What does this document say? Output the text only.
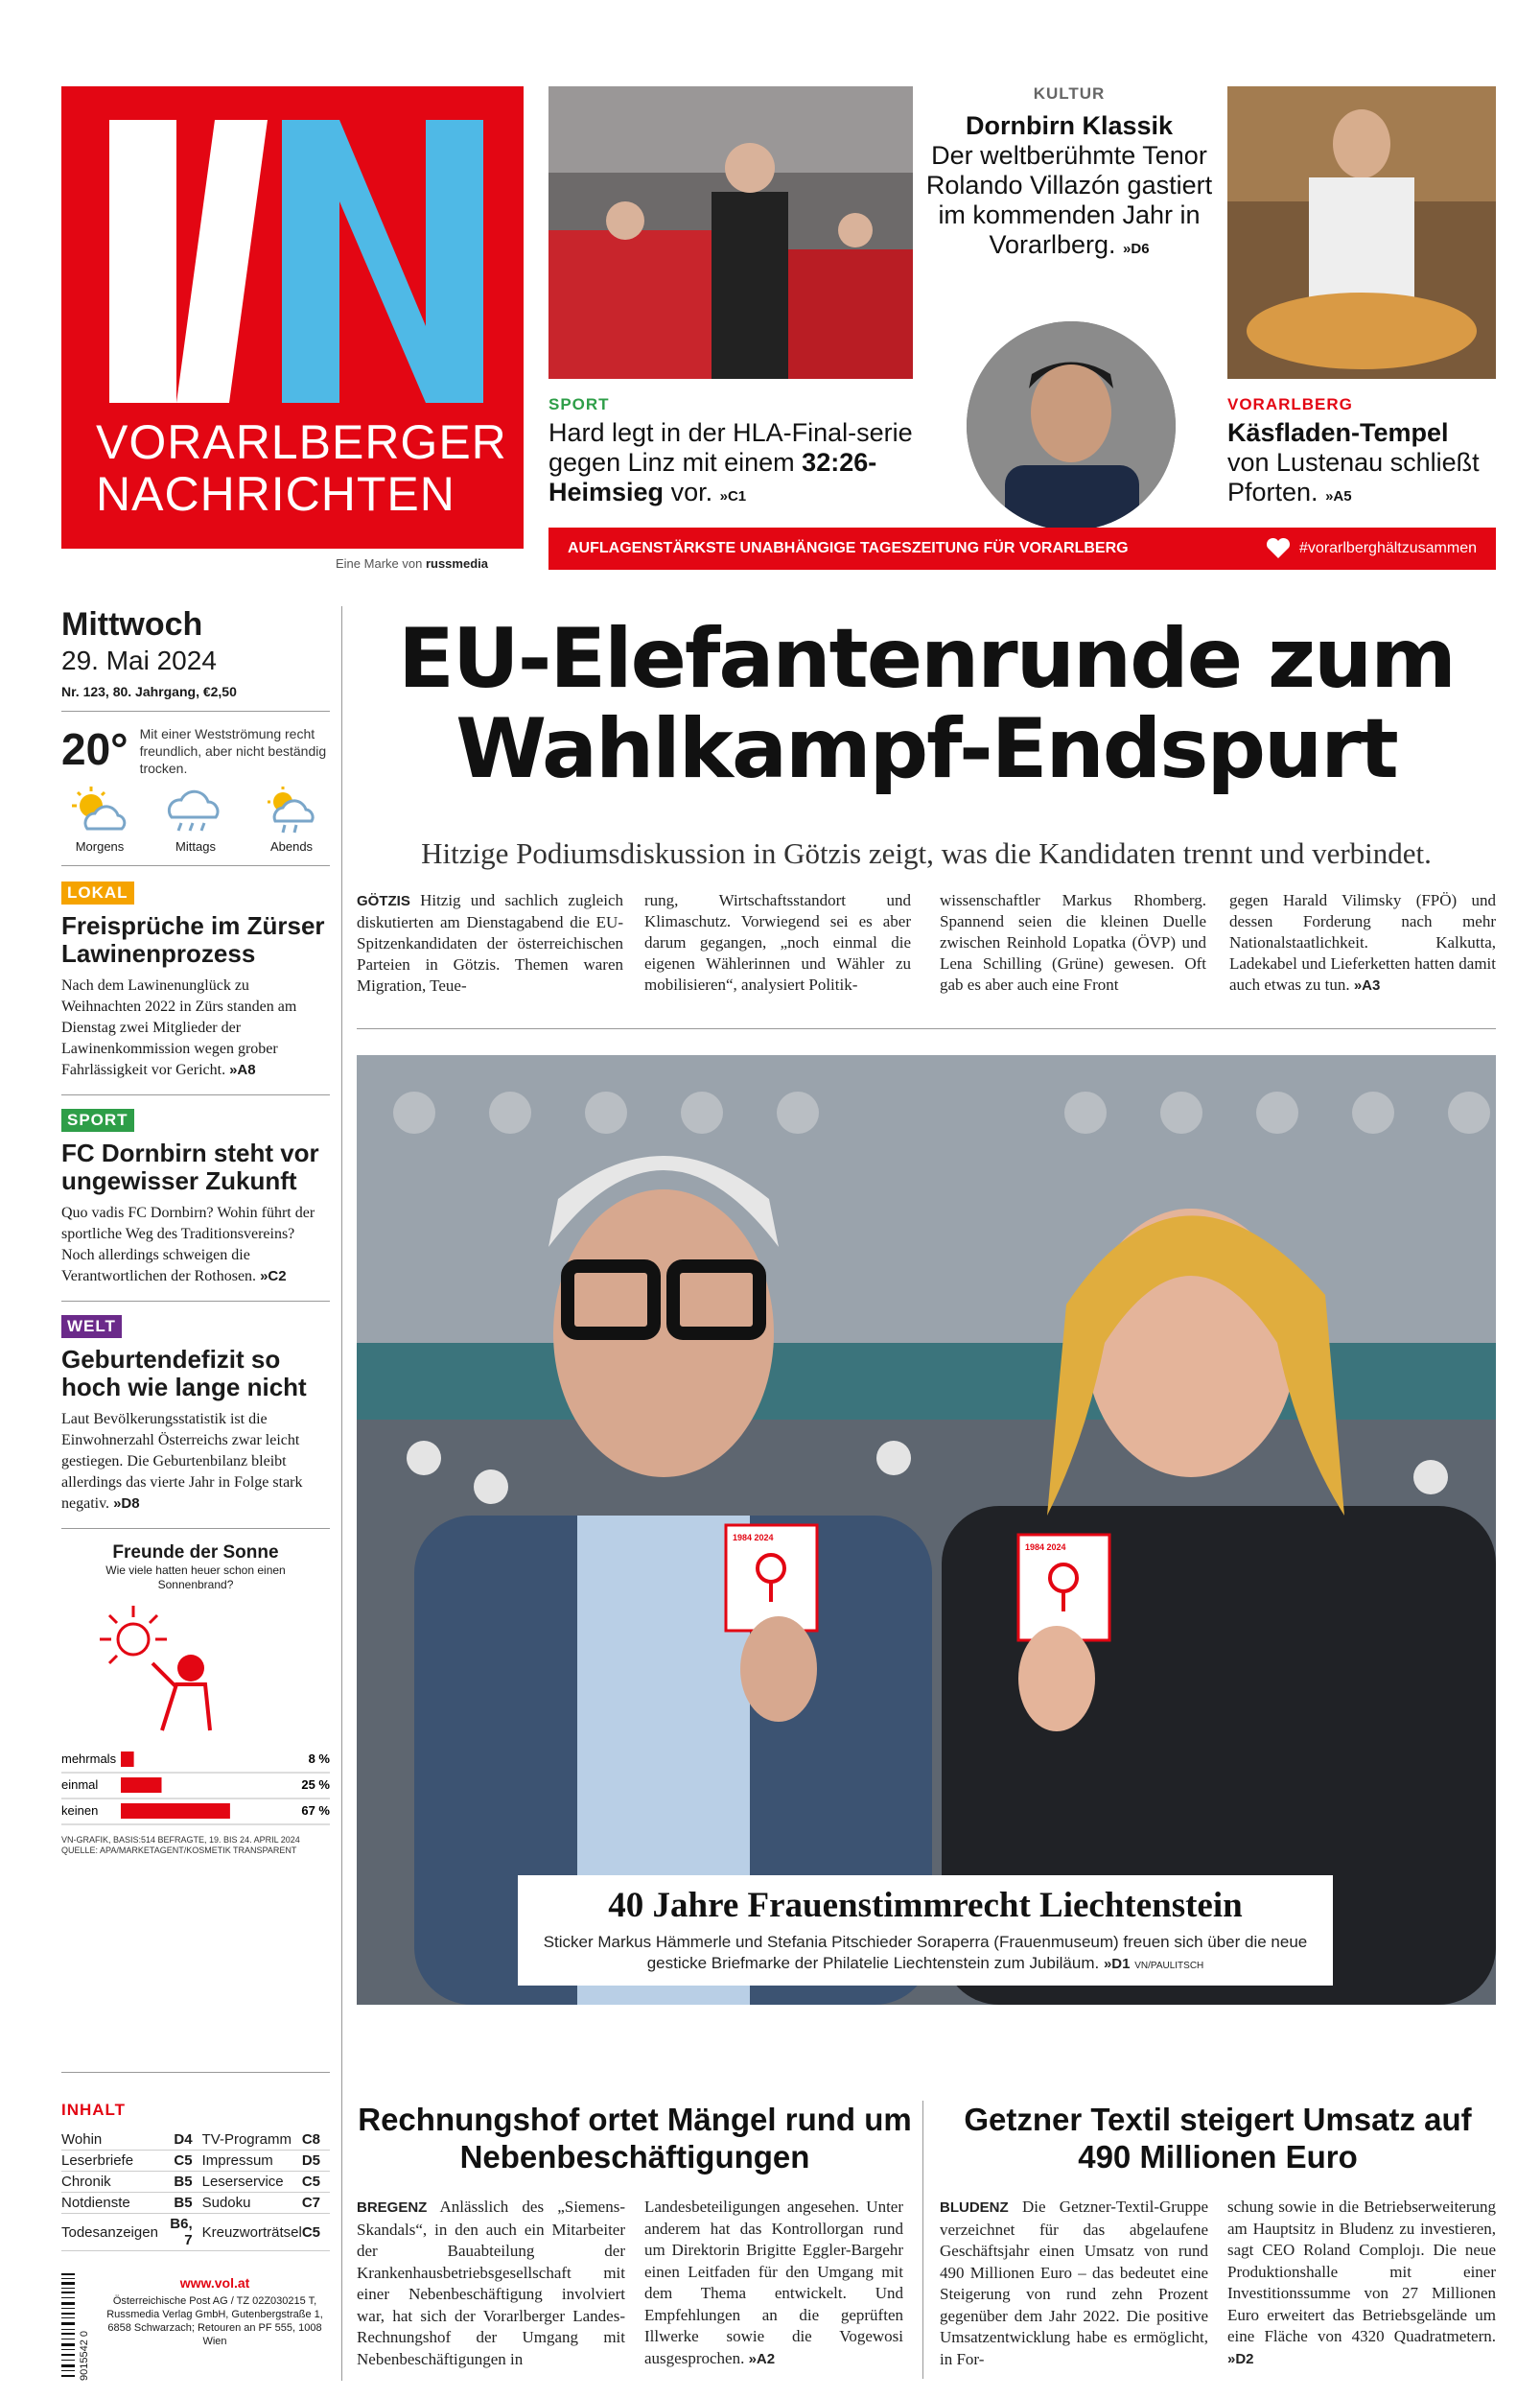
VORARLBERGER
NACHRICHTEN
Eine Marke von russmedia
SPORT
Hard legt in der HLA-Final-serie gegen Linz mit einem 32:26-Heimsieg vor. »C1
KULTUR
Dornbirn Klassik
Der weltberühmte Tenor Rolando Villazón gastiert im kommenden Jahr in Vorarlberg. »D6
VORARLBERG
Käsfladen-Tempel
von Lustenau schließt Pforten. »A5
AUFLAGENSTÄRKSTE UNABHÄNGIGE TAGESZEITUNG FÜR VORARLBERG	#vorarlberghältzusammen
Mittwoch
29. Mai 2024
Nr. 123, 80. Jahrgang, €2,50
20° Mit einer Westströmung recht freundlich, aber nicht beständig trocken.
Morgens	Mittags	Abends
LOKAL
Freisprüche im Zürser Lawinenprozess
Nach dem Lawinenunglück zu Weihnachten 2022 in Zürs standen am Dienstag zwei Mitglieder der Lawinenkommission wegen grober Fahrlässigkeit vor Gericht. »A8
SPORT
FC Dornbirn steht vor ungewisser Zukunft
Quo vadis FC Dornbirn? Wohin führt der sportliche Weg des Traditionsvereins? Noch allerdings schweigen die Verantwortlichen der Rothosen. »C2
WELT
Geburtendefizit so hoch wie lange nicht
Laut Bevölkerungsstatistik ist die Einwohnerzahl Österreichs zwar leicht gestiegen. Die Geburtenbilanz bleibt allerdings das vierte Jahr in Folge stark negativ. »D8
Freunde der Sonne
Wie viele hatten heuer schon einen Sonnenbrand?
mehrmals	8 %
einmal	25 %
keinen	67 %
VN-GRAFIK, BASIS:514 BEFRAGTE, 19. BIS 24. APRIL 2024 QUELLE: APA/MARKETAGENT/KOSMETIK TRANSPARENT
INHALT
Wohin	D4	TV-Programm	C8
Leserbriefe	C5	Impressum	D5
Chronik	B5	Leserservice	C5
Notdienste	B5	Sudoku	C7
Todesanzeigen	B6, 7	Kreuzworträtsel	C5
9015542 0
www.vol.at
Österreichische Post AG / TZ 02Z030215 T, Russmedia Verlag GmbH, Gutenbergstraße 1, 6858 Schwarzach; Retouren an PF 555, 1008 Wien
EU-Elefantenrunde zum
Wahlkampf-Endspurt
Hitzige Podiumsdiskussion in Götzis zeigt, was die Kandidaten trennt und verbindet.
GÖTZIS Hitzig und sachlich zugleich diskutierten am Dienstagabend die EU-Spitzenkandidaten der österreichischen Parteien in Götzis. Themen waren Migration, Teue-
rung, Wirtschaftsstandort und Klimaschutz. Vorwiegend sei es aber darum gegangen, „noch einmal die eigenen Wählerinnen und Wähler zu mobilisieren“, analysiert Politik-
wissenschaftler Markus Rhomberg. Spannend seien die kleinen Duelle zwischen Reinhold Lopatka (ÖVP) und Lena Schilling (Grüne) gewesen. Oft gab es aber auch eine Front
gegen Harald Vilimsky (FPÖ) und dessen Forderung nach mehr Nationalstaatlichkeit. Kalkutta, Ladekabel und Lieferketten hatten damit auch etwas zu tun. »A3
1984 2024
1984 2024
40 Jahre Frauenstimmrecht Liechtenstein
Sticker Markus Hämmerle und Stefania Pitschieder Soraperra (Frauenmuseum) freuen sich über die neue gesticke Briefmarke der Philatelie Liechtenstein zum Jubiläum. »D1 VN/PAULITSCH
Rechnungshof ortet Mängel rund um Nebenbeschäftigungen
BREGENZ Anlässlich des „Siemens-Skandals“, in den auch ein Mitarbeiter der Bauabteilung der Krankenhausbetriebsgesellschaft mit einer Nebenbeschäftigung involviert war, hat sich der Vorarlberger Landes-Rechnungshof der Umgang mit Nebenbeschäftigungen in
Landesbeteiligungen angesehen. Unter anderem hat das Kontrollorgan rund um Direktorin Brigitte Eggler-Bargehr einen Leitfaden für den Umgang mit dem Thema entwickelt. Und Empfehlungen an die geprüften Illwerke sowie die Vogewosi ausgesprochen. »A2
Getzner Textil steigert Umsatz auf 490 Millionen Euro
BLUDENZ Die Getzner-Textil-Gruppe verzeichnet für das abgelaufene Geschäftsjahr einen Umsatz von rund 490 Millionen Euro – das bedeutet eine Steigerung von rund zehn Prozent gegenüber dem Jahr 2022. Die positive Umsatzentwicklung habe es ermöglicht, in For-
schung sowie in die Betriebserweiterung am Hauptsitz in Bludenz zu investieren, sagt CEO Roland Complojı. Die neue Produktionshalle mit einer Investitionssumme von 27 Millionen Euro erweitert das Betriebsgelände um eine Fläche von 4320 Quadratmetern. »D2
